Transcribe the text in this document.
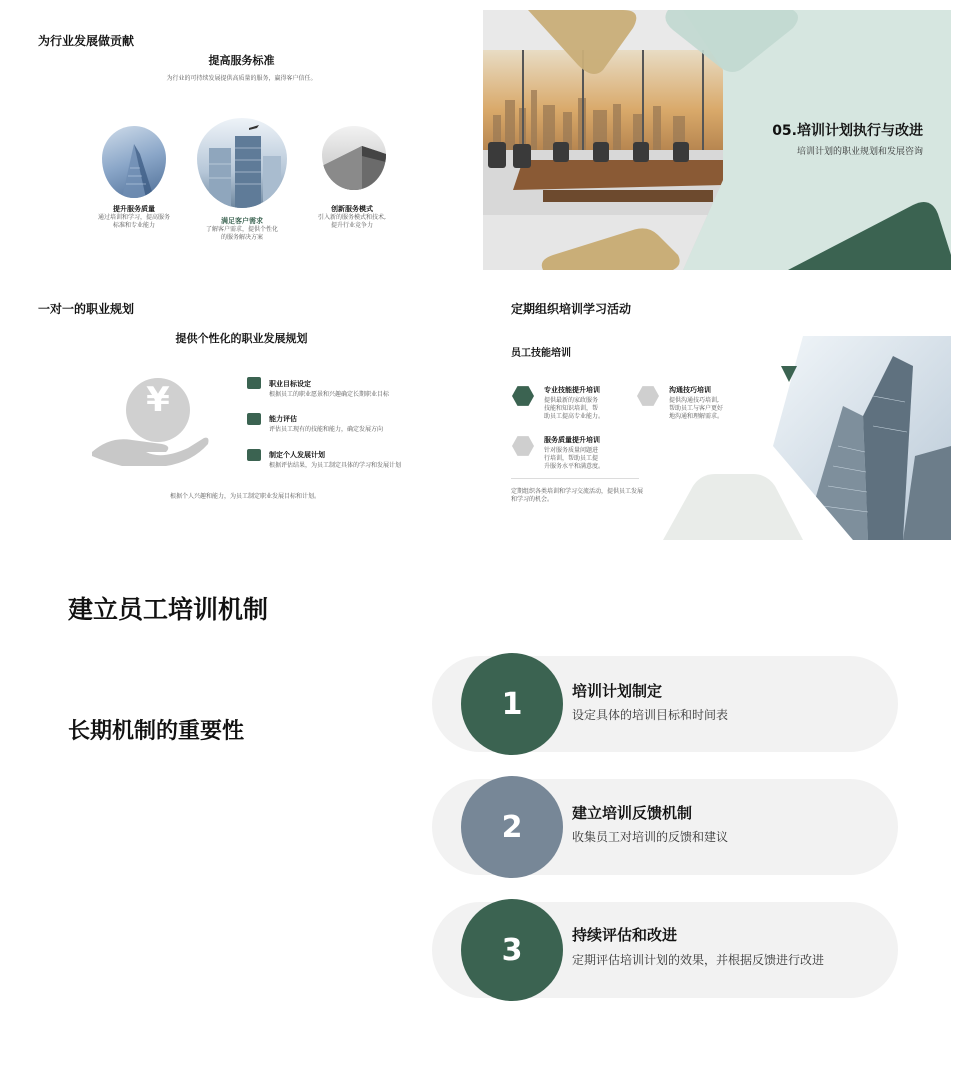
为行业发展做贡献
提高服务标准
为行业的可持续发展提供高质量的服务，赢得客户信任。
提升服务质量
通过培训和学习，提高服务
标准和专业能力
满足客户需求
了解客户需求，提供个性化
的服务解决方案
创新服务模式
引入新的服务模式和技术,
提升行业竞争力
05.培训计划执行与改进
培训计划的职业规划和发展咨询
一对一的职业规划
提供个性化的职业发展规划
¥	职业目标设定
根据员工的职业愿景和兴趣确定长期职业目标
能力评估
评估员工现有的技能和能力，确定发展方向
制定个人发展计划
根据评估结果，为员工制定具体的学习和发展计划
根据个人兴趣和能力，为员工制定职业发展目标和计划。
定期组织培训学习活动
员工技能培训
专业技能提升培训
提供最新的家政服务
技能和知识培训，帮
助员工提高专业能力。
沟通技巧培训
提供沟通技巧培训,
帮助员工与客户更好
地沟通和理解需求。
服务质量提升培训
针对服务质量问题进
行培训，帮助员工提
升服务水平和满意度。
定期组织各类培训和学习交流活动，提供员工发展
和学习的机会。
建立员工培训机制
长期机制的重要性
1	培训计划制定
设定具体的培训目标和时间表
2	建立培训反馈机制
收集员工对培训的反馈和建议
3	持续评估和改进
定期评估培训计划的效果，并根据反馈进行改进
